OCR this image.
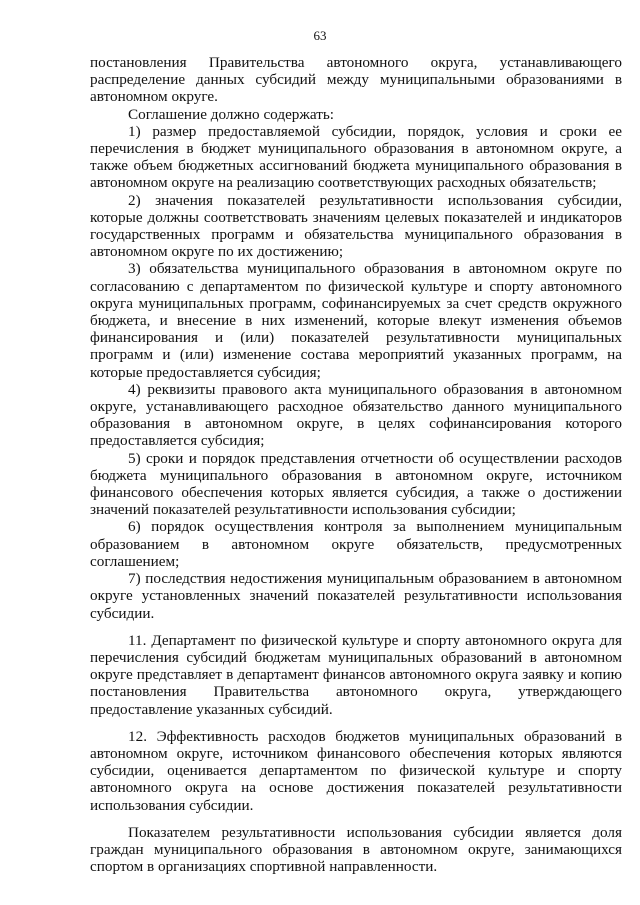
63

постановления Правительства автономного округа, устанавливающего распределение данных субсидий между муниципальными образованиями в автономном округе.

Соглашение должно содержать:

1) размер предоставляемой субсидии, порядок, условия и сроки ее перечисления в бюджет муниципального образования в автономном округе, а также объем бюджетных ассигнований бюджета муниципального образования в автономном округе на реализацию соответствующих расходных обязательств;

2) значения показателей результативности использования субсидии, которые должны соответствовать значениям целевых показателей и индикаторов государственных программ и обязательства муниципального образования в автономном округе по их достижению;

3) обязательства муниципального образования в автономном округе по согласованию с департаментом по физической культуре и спорту автономного округа муниципальных программ, софинансируемых за счет средств окружного бюджета, и внесение в них изменений, которые влекут изменения объемов финансирования и (или) показателей результативности муниципальных программ и (или) изменение состава мероприятий указанных программ, на которые предоставляется субсидия;

4) реквизиты правового акта муниципального образования в автономном округе, устанавливающего расходное обязательство данного муниципального образования в автономном округе, в целях софинансирования которого предоставляется субсидия;

5) сроки и порядок представления отчетности об осуществлении расходов бюджета муниципального образования в автономном округе, источником финансового обеспечения которых является субсидия, а также о достижении значений показателей результативности использования субсидии;

6) порядок осуществления контроля за выполнением муниципальным образованием в автономном округе обязательств, предусмотренных соглашением;

7) последствия недостижения муниципальным образованием в автономном округе установленных значений показателей результативности использования субсидии.

11. Департамент по физической культуре и спорту автономного округа для перечисления субсидий бюджетам муниципальных образований в автономном округе представляет в департамент финансов автономного округа заявку и копию постановления Правительства автономного округа, утверждающего предоставление указанных субсидий.

12. Эффективность расходов бюджетов муниципальных образований в автономном округе, источником финансового обеспечения которых являются субсидии, оценивается департаментом по физической культуре и спорту автономного округа на основе достижения показателей результативности использования субсидии.

Показателем результативности использования субсидии является доля граждан муниципального образования в автономном округе, занимающихся спортом в организациях спортивной направленности.
